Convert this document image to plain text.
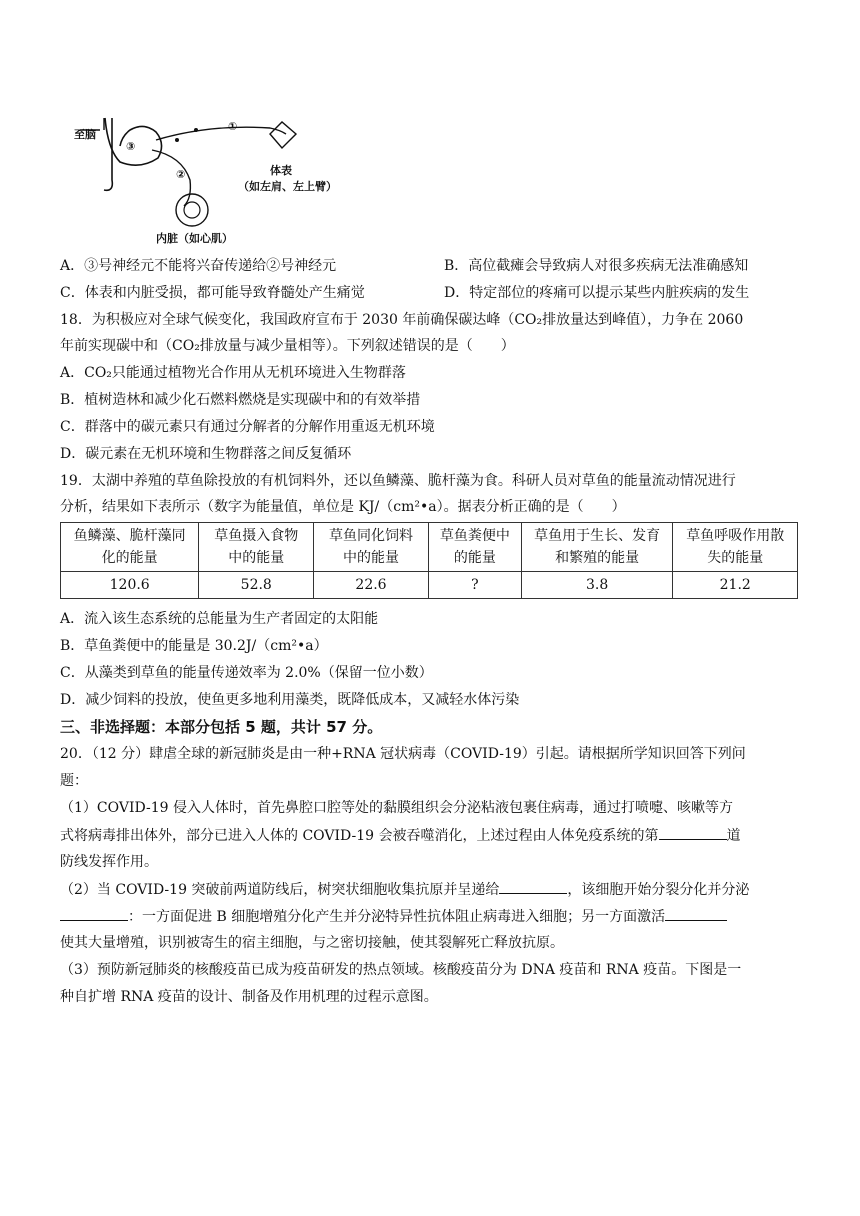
至脑
①
②
③
体表
（如左肩、左上臂）
内脏（如心肌）
A．③号神经元不能将兴奋传递给②号神经元	B．高位截瘫会导致病人对很多疾病无法准确感知
C．体表和内脏受损，都可能导致脊髓处产生痛觉	D．特定部位的疼痛可以提示某些内脏疾病的发生
18．为积极应对全球气候变化，我国政府宣布于 2030 年前确保碳达峰（CO₂排放量达到峰值），力争在 2060
年前实现碳中和（CO₂排放量与减少量相等）。下列叙述错误的是（　　）
A．CO₂只能通过植物光合作用从无机环境进入生物群落
B．植树造林和减少化石燃料燃烧是实现碳中和的有效举措
C．群落中的碳元素只有通过分解者的分解作用重返无机环境
D．碳元素在无机环境和生物群落之间反复循环
19．太湖中养殖的草鱼除投放的有机饲料外，还以鱼鳞藻、脆杆藻为食。科研人员对草鱼的能量流动情况进行
分析，结果如下表所示（数字为能量值，单位是 KJ/（cm²•a）。据表分析正确的是（　　）
鱼鳞藻、脆杆藻同
化的能量	草鱼摄入食物
中的能量	草鱼同化饲料
中的能量	草鱼粪便中
的能量	草鱼用于生长、发育
和繁殖的能量	草鱼呼吸作用散
失的能量
120.6	52.8	22.6	?	3.8	21.2
A．流入该生态系统的总能量为生产者固定的太阳能
B．草鱼粪便中的能量是 30.2J/（cm²•a）
C．从藻类到草鱼的能量传递效率为 2.0%（保留一位小数）
D．减少饲料的投放，使鱼更多地利用藻类，既降低成本，又减轻水体污染
三、非选择题：本部分包括 5 题，共计 57 分。
20．（12 分）肆虐全球的新冠肺炎是由一种+RNA 冠状病毒（COVID-19）引起。请根据所学知识回答下列问
题：
（1）COVID-19 侵入人体时，首先鼻腔口腔等处的黏膜组织会分泌粘液包裹住病毒，通过打喷嚏、咳嗽等方
式将病毒排出体外，部分已进入人体的 COVID-19 会被吞噬消化，上述过程由人体免疫系统的第	道
防线发挥作用。
（2）当 COVID-19 突破前两道防线后，树突状细胞收集抗原并呈递给	，该细胞开始分裂分化并分泌
：一方面促进 B 细胞增殖分化产生并分泌特异性抗体阻止病毒进入细胞；另一方面激活
使其大量增殖，识别被寄生的宿主细胞，与之密切接触，使其裂解死亡释放抗原。
（3）预防新冠肺炎的核酸疫苗已成为疫苗研发的热点领域。核酸疫苗分为 DNA 疫苗和 RNA 疫苗。下图是一
种自扩增 RNA 疫苗的设计、制备及作用机理的过程示意图。
